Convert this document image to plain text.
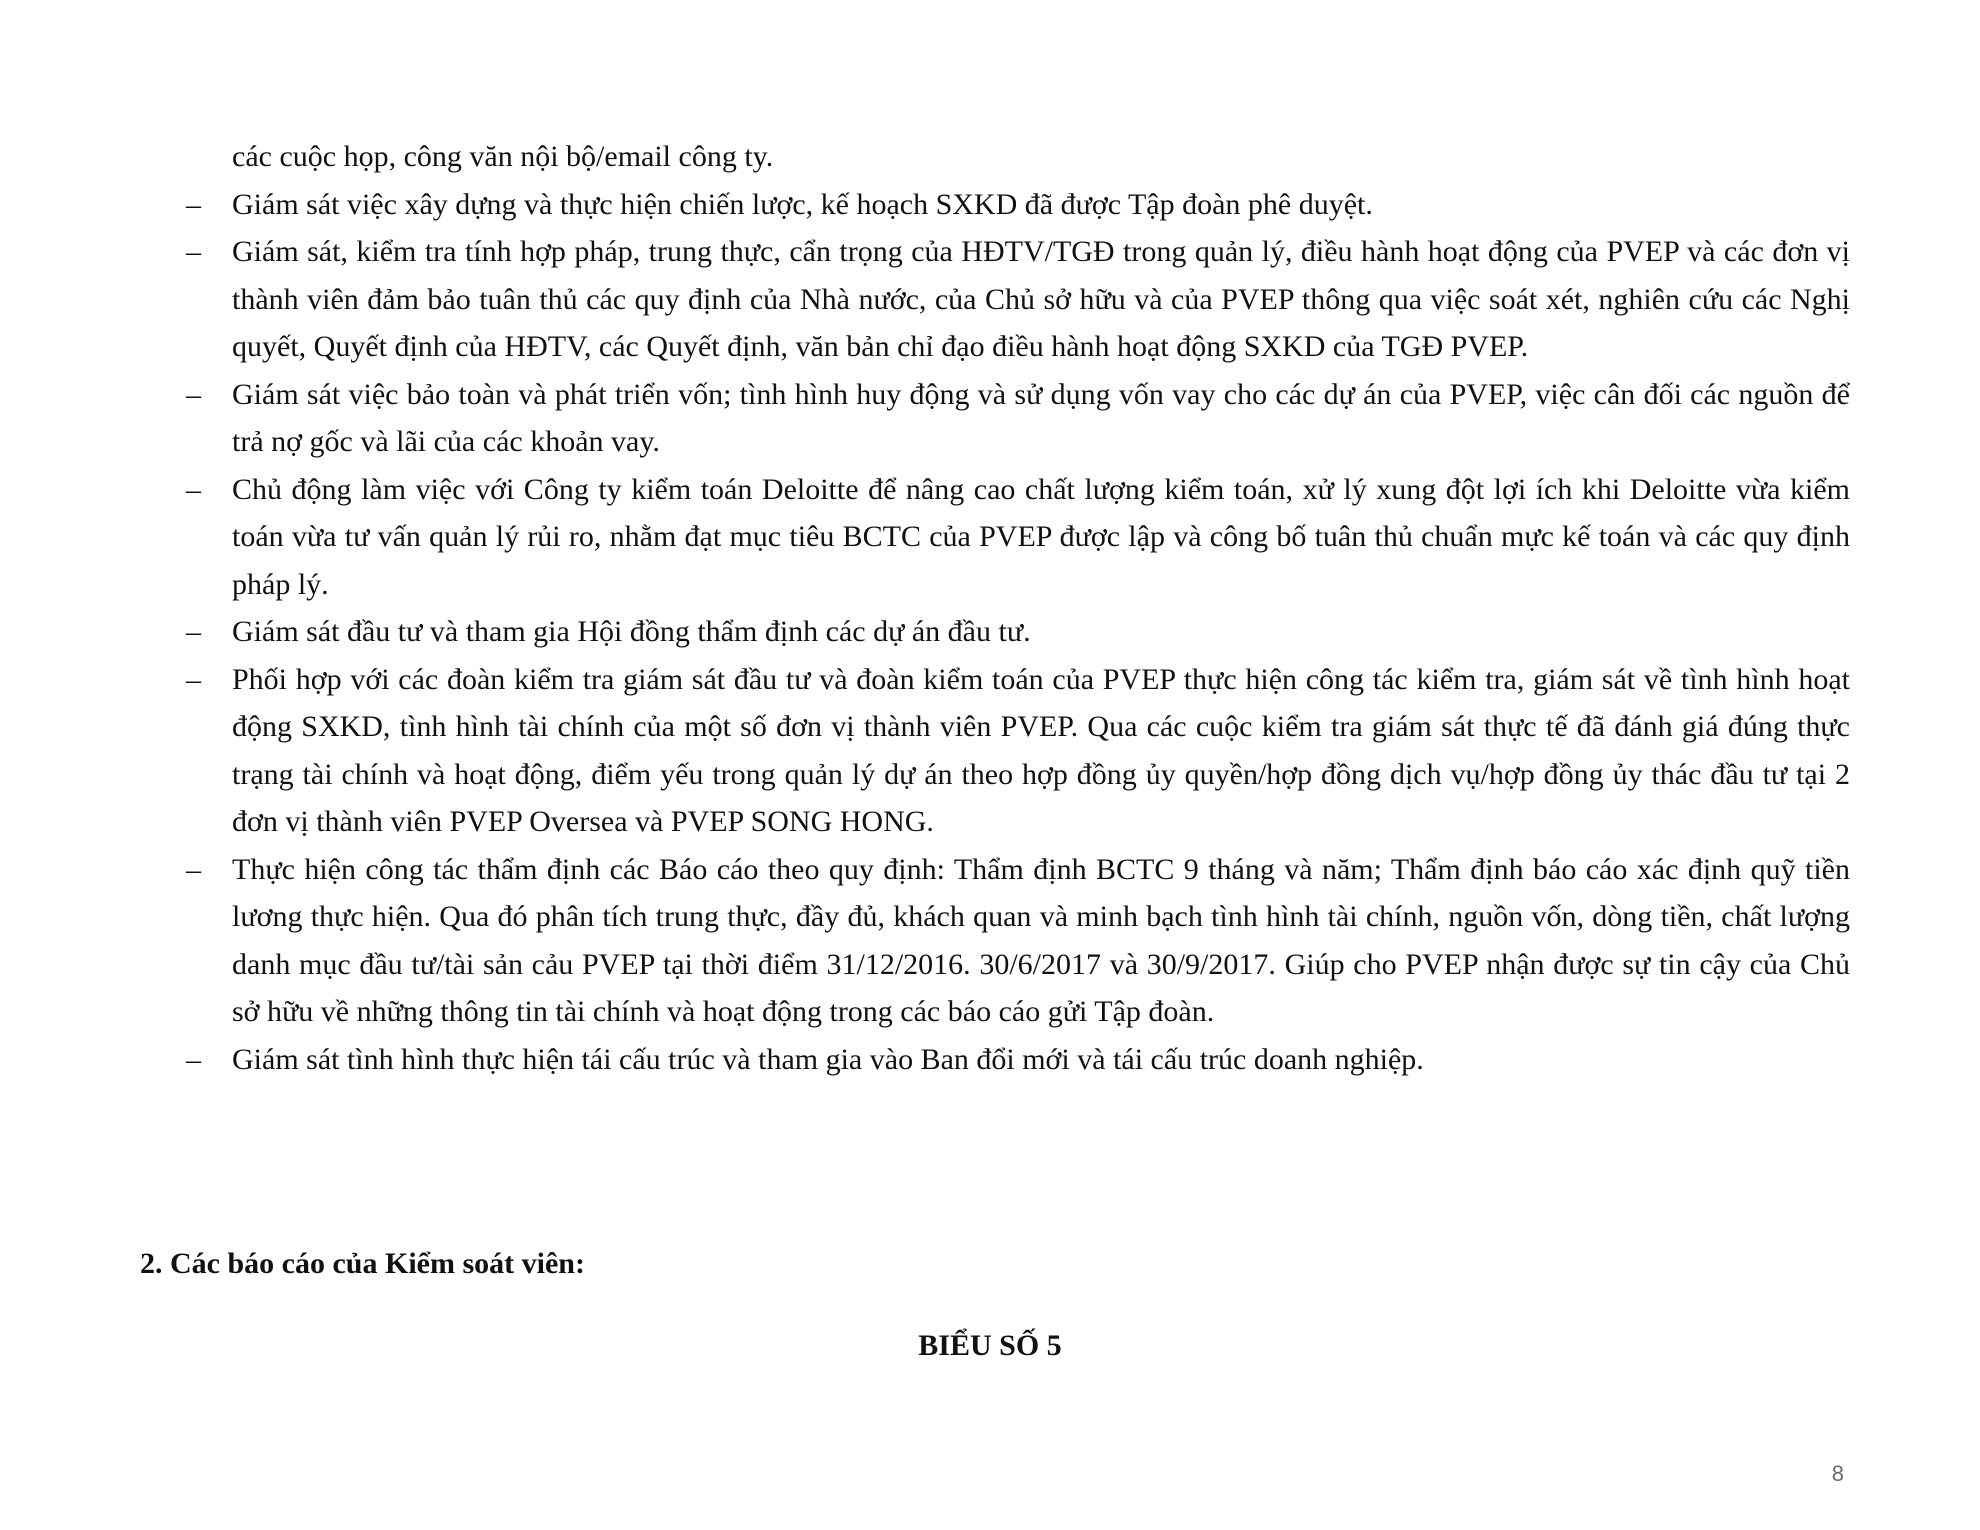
các cuộc họp, công văn nội bộ/email công ty.

– Giám sát việc xây dựng và thực hiện chiến lược, kế hoạch SXKD đã được Tập đoàn phê duyệt.
– Giám sát, kiểm tra tính hợp pháp, trung thực, cẩn trọng của HĐTV/TGĐ trong quản lý, điều hành hoạt động của PVEP và các đơn vị thành viên đảm bảo tuân thủ các quy định của Nhà nước, của Chủ sở hữu và của PVEP thông qua việc soát xét, nghiên cứu các Nghị quyết, Quyết định của HĐTV, các Quyết định, văn bản chỉ đạo điều hành hoạt động SXKD của TGĐ PVEP.
– Giám sát việc bảo toàn và phát triển vốn; tình hình huy động và sử dụng vốn vay cho các dự án của PVEP, việc cân đối các nguồn để trả nợ gốc và lãi của các khoản vay.
– Chủ động làm việc với Công ty kiểm toán Deloitte để nâng cao chất lượng kiểm toán, xử lý xung đột lợi ích khi Deloitte vừa kiểm toán vừa tư vấn quản lý rủi ro, nhằm đạt mục tiêu BCTC của PVEP được lập và công bố tuân thủ chuẩn mực kế toán và các quy định pháp lý.
– Giám sát đầu tư và tham gia Hội đồng thẩm định các dự án đầu tư.
– Phối hợp với các đoàn kiểm tra giám sát đầu tư và đoàn kiểm toán của PVEP thực hiện công tác kiểm tra, giám sát về tình hình hoạt động SXKD, tình hình tài chính của một số đơn vị thành viên PVEP. Qua các cuộc kiểm tra giám sát thực tế đã đánh giá đúng thực trạng tài chính và hoạt động, điểm yếu trong quản lý dự án theo hợp đồng ủy quyền/hợp đồng dịch vụ/hợp đồng ủy thác đầu tư tại 2 đơn vị thành viên PVEP Oversea và PVEP SONG HONG.
– Thực hiện công tác thẩm định các Báo cáo theo quy định: Thẩm định BCTC 9 tháng và năm; Thẩm định báo cáo xác định quỹ tiền lương thực hiện. Qua đó phân tích trung thực, đầy đủ, khách quan và minh bạch tình hình tài chính, nguồn vốn, dòng tiền, chất lượng danh mục đầu tư/tài sản cảu PVEP tại thời điểm 31/12/2016. 30/6/2017 và 30/9/2017. Giúp cho PVEP nhận được sự tin cậy của Chủ sở hữu về những thông tin tài chính và hoạt động trong các báo cáo gửi Tập đoàn.
– Giám sát tình hình thực hiện tái cấu trúc và tham gia vào Ban đổi mới và tái cấu trúc doanh nghiệp.
2. Các báo cáo của Kiểm soát viên:
BIỂU SỐ 5
8
